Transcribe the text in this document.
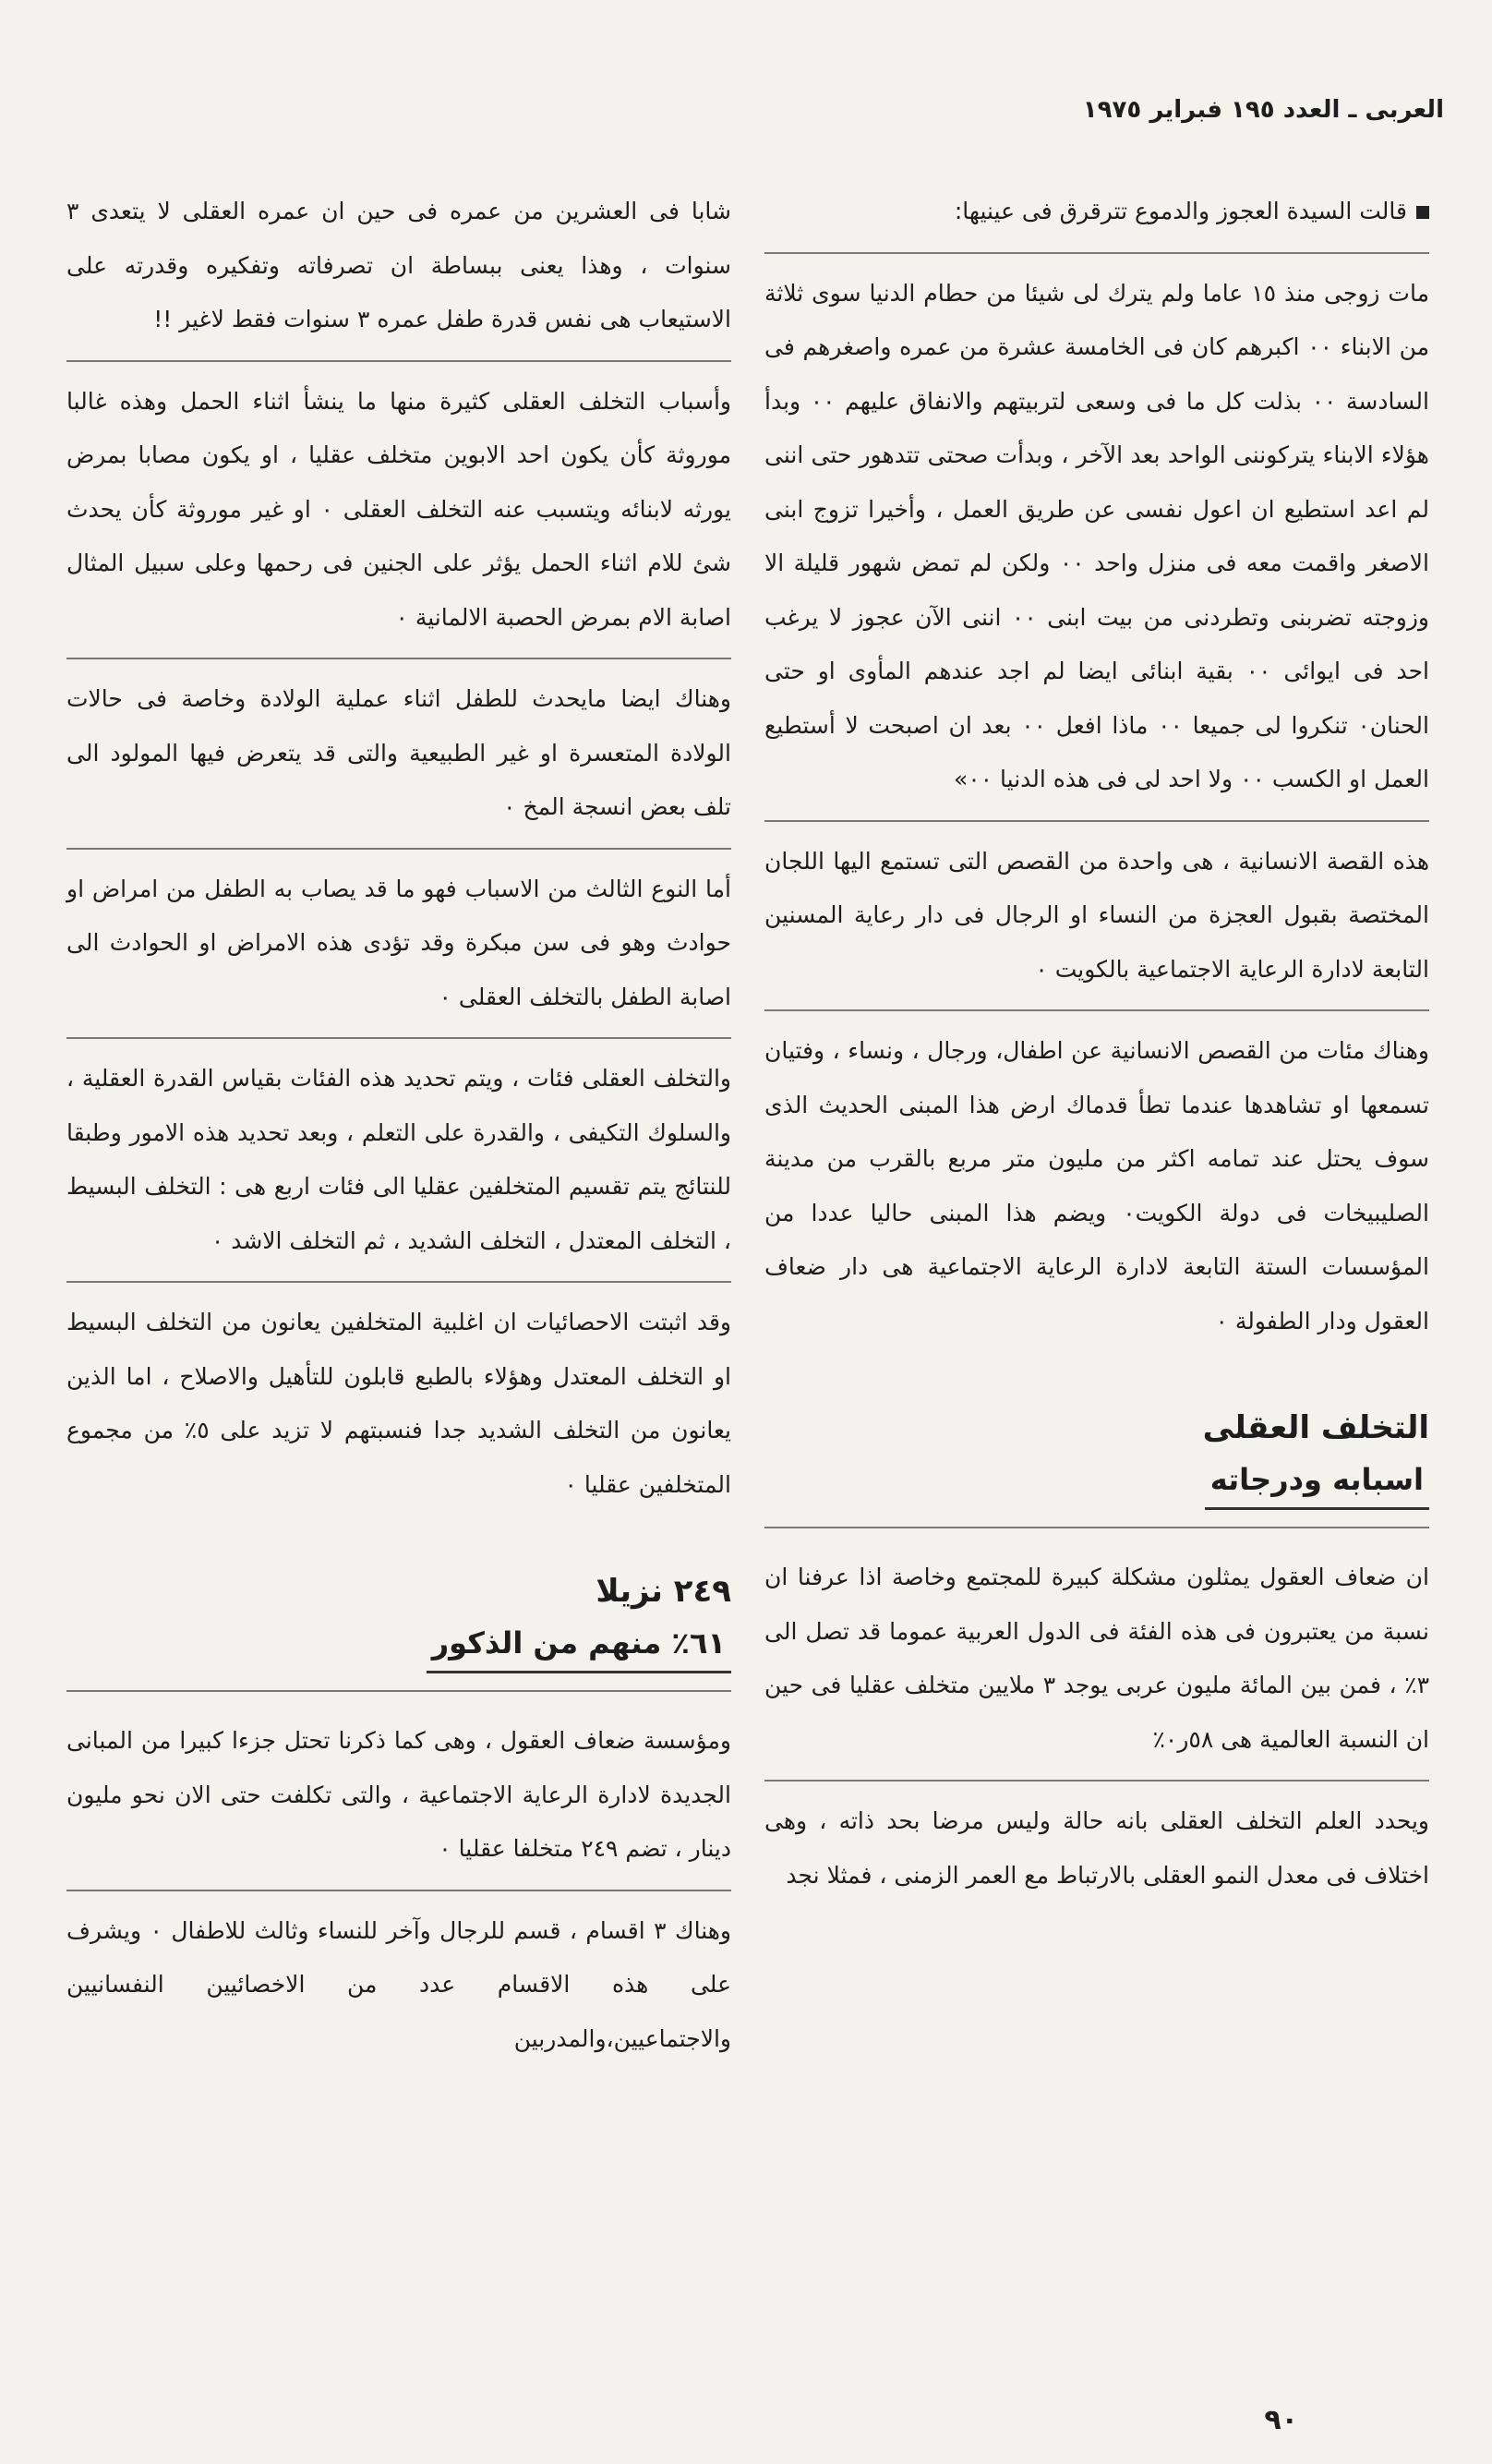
العربى ـ العدد ١٩٥ فبراير ١٩٧٥

قالت السيدة العجوز والدموع تترقرق فى عينيها:

مات زوجى منذ ١٥ عاما ولم يترك لى شيئا من حطام الدنيا سوى ثلاثة من الابناء ٠٠ اكبرهم كان فى الخامسة عشرة من عمره واصغرهم فى السادسة ٠٠ بذلت كل ما فى وسعى لتربيتهم والانفاق عليهم ٠٠ وبدأ هؤلاء الابناء يتركوننى الواحد بعد الآخر ، وبدأت صحتى تتدهور حتى اننى لم اعد استطيع ان اعول نفسى عن طريق العمل ، وأخيرا تزوج ابنى الاصغر واقمت معه فى منزل واحد ٠٠ ولكن لم تمض شهور قليلة الا وزوجته تضربنى وتطردنى من بيت ابنى ٠٠ اننى الآن عجوز لا يرغب احد فى ايوائى ٠٠ بقية ابنائى ايضا لم اجد عندهم المأوى او حتى الحنان٠ تنكروا لى جميعا ٠٠ ماذا افعل ٠٠ بعد ان اصبحت لا أستطيع العمل او الكسب ٠٠ ولا احد لى فى هذه الدنيا ٠٠»

هذه القصة الانسانية ، هى واحدة من القصص التى تستمع اليها اللجان المختصة بقبول العجزة من النساء او الرجال فى دار رعاية المسنين التابعة لادارة الرعاية الاجتماعية بالكويت ٠

وهناك مئات من القصص الانسانية عن اطفال، ورجال ، ونساء ، وفتيان تسمعها او تشاهدها عندما تطأ قدماك ارض هذا المبنى الحديث الذى سوف يحتل عند تمامه اكثر من مليون متر مربع بالقرب من مدينة الصليبيخات فى دولة الكويت٠ ويضم هذا المبنى حاليا عددا من المؤسسات الستة التابعة لادارة الرعاية الاجتماعية هى دار ضعاف العقول ودار الطفولة ٠

التخلف العقلى
اسبابه ودرجاته

ان ضعاف العقول يمثلون مشكلة كبيرة للمجتمع وخاصة اذا عرفنا ان نسبة من يعتبرون فى هذه الفئة فى الدول العربية عموما قد تصل الى ٣٪ ، فمن بين المائة مليون عربى يوجد ٣ ملايين متخلف عقليا فى حين ان النسبة العالمية هى ٥٨ر٠٪

ويحدد العلم التخلف العقلى بانه حالة وليس مرضا بحد ذاته ، وهى اختلاف فى معدل النمو العقلى بالارتباط مع العمر الزمنى ، فمثلا نجد

شابا فى العشرين من عمره فى حين ان عمره العقلى لا يتعدى ٣ سنوات ، وهذا يعنى ببساطة ان تصرفاته وتفكيره وقدرته على الاستيعاب هى نفس قدرة طفل عمره ٣ سنوات فقط لاغير !!

وأسباب التخلف العقلى كثيرة منها ما ينشأ اثناء الحمل وهذه غالبا موروثة كأن يكون احد الابوين متخلف عقليا ، او يكون مصابا بمرض يورثه لابنائه ويتسبب عنه التخلف العقلى ٠ او غير موروثة كأن يحدث شئ للام اثناء الحمل يؤثر على الجنين فى رحمها وعلى سبيل المثال اصابة الام بمرض الحصبة الالمانية ٠

وهناك ايضا مايحدث للطفل اثناء عملية الولادة وخاصة فى حالات الولادة المتعسرة او غير الطبيعية والتى قد يتعرض فيها المولود الى تلف بعض انسجة المخ ٠

أما النوع الثالث من الاسباب فهو ما قد يصاب به الطفل من امراض او حوادث وهو فى سن مبكرة وقد تؤدى هذه الامراض او الحوادث الى اصابة الطفل بالتخلف العقلى ٠

والتخلف العقلى فئات ، ويتم تحديد هذه الفئات بقياس القدرة العقلية ، والسلوك التكيفى ، والقدرة على التعلم ، وبعد تحديد هذه الامور وطبقا للنتائج يتم تقسيم المتخلفين عقليا الى فئات اربع هى : التخلف البسيط ، التخلف المعتدل ، التخلف الشديد ، ثم التخلف الاشد ٠

وقد اثبتت الاحصائيات ان اغلبية المتخلفين يعانون من التخلف البسيط او التخلف المعتدل وهؤلاء بالطبع قابلون للتأهيل والاصلاح ، اما الذين يعانون من التخلف الشديد جدا فنسبتهم لا تزيد على ٥٪ من مجموع المتخلفين عقليا ٠

٢٤٩ نزيلا
٦١٪ منهم من الذكور

ومؤسسة ضعاف العقول ، وهى كما ذكرنا تحتل جزءا كبيرا من المبانى الجديدة لادارة الرعاية الاجتماعية ، والتى تكلفت حتى الان نحو مليون دينار ، تضم ٢٤٩ متخلفا عقليا ٠

وهناك ٣ اقسام ، قسم للرجال وآخر للنساء وثالث للاطفال ٠ ويشرف على هذه الاقسام عدد من الاخصائيين النفسانيين والاجتماعيين،والمدربين

٩٠
